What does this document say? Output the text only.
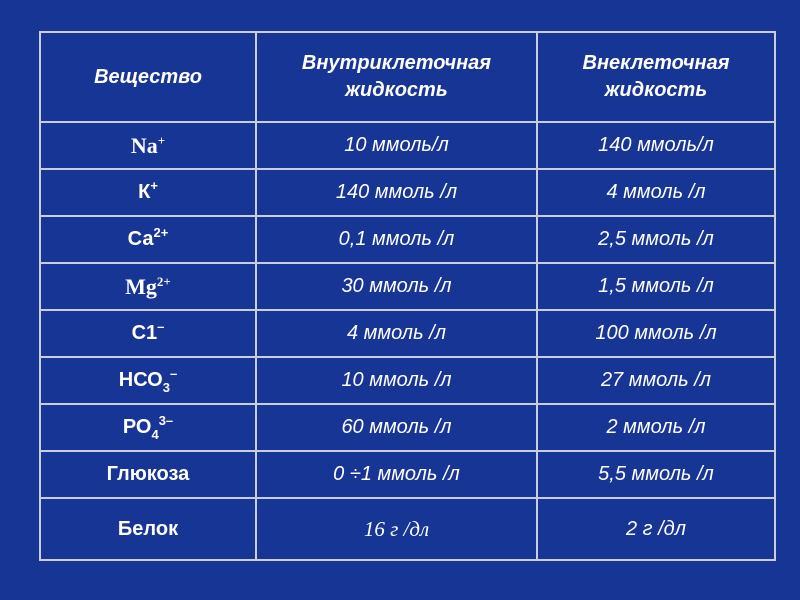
Вещество	Внутриклеточная жидкость	Внеклеточная жидкость
Na+	10 ммоль/л	140 ммоль/л
К+	140 ммоль /л	4 ммоль /л
$Са^{2+}$	0,1 ммоль /л	2,5 ммоль /л
$Mg^{2+}$	30 ммоль /л	1,5 ммоль /л
С1–	4 ммоль /л	100 ммоль /л
$НСО_3^-$	10 ммоль /л	27 ммоль /л
$РО_4^{3-}$	60 ммоль /л	2 ммоль /л
Глюкоза	0 ÷1 ммоль /л	5,5 ммоль /л
Белок	16 г /дл	2 г /дл
